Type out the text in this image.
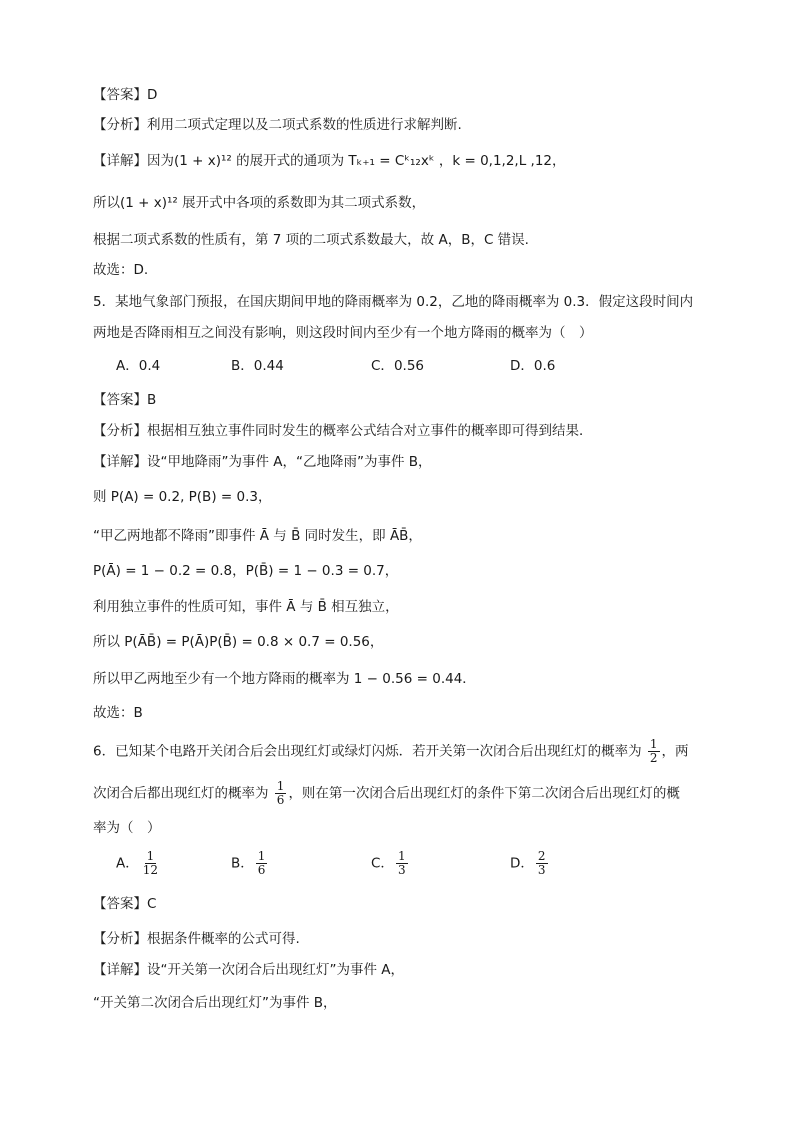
【答案】D
【分析】利用二项式定理以及二项式系数的性质进行求解判断.
【详解】因为(1 + x)¹² 的展开式的通项为 Tₖ₊₁ = Cᵏ₁₂xᵏ ，k = 0,1,2,L ,12，
所以(1 + x)¹² 展开式中各项的系数即为其二项式系数，
根据二项式系数的性质有，第 7 项的二项式系数最大，故 A，B，C 错误.
故选：D.
5．某地气象部门预报，在国庆期间甲地的降雨概率为 0.2，乙地的降雨概率为 0.3．假定这段时间内
两地是否降雨相互之间没有影响，则这段时间内至少有一个地方降雨的概率为（　）
A．0.4	B．0.44	C．0.56	D．0.6
【答案】B
【分析】根据相互独立事件同时发生的概率公式结合对立事件的概率即可得到结果．
【详解】设“甲地降雨”为事件 A，“乙地降雨”为事件 B，
则 P(A) = 0.2, P(B) = 0.3，
“甲乙两地都不降雨”即事件 Ā 与 B̄ 同时发生，即 ĀB̄，
P(Ā) = 1 − 0.2 = 0.8，P(B̄) = 1 − 0.3 = 0.7，
利用独立事件的性质可知，事件 Ā 与 B̄ 相互独立，
所以 P(ĀB̄) = P(Ā)P(B̄) = 0.8 × 0.7 = 0.56，
所以甲乙两地至少有一个地方降雨的概率为 1 − 0.56 = 0.44．
故选：B
6．已知某个电路开关闭合后会出现红灯或绿灯闪烁．若开关第一次闭合后出现红灯的概率为 $\frac{1}{2}$ ，两
次闭合后都出现红灯的概率为 $\frac{1}{6}$ ，则在第一次闭合后出现红灯的条件下第二次闭合后出现红灯的概
率为（　）
A． $\frac{1}{12}$	B． $\frac{1}{6}$	C． $\frac{1}{3}$	D． $\frac{2}{3}$
【答案】C
【分析】根据条件概率的公式可得.
【详解】设“开关第一次闭合后出现红灯”为事件 A，
“开关第二次闭合后出现红灯”为事件 B，
